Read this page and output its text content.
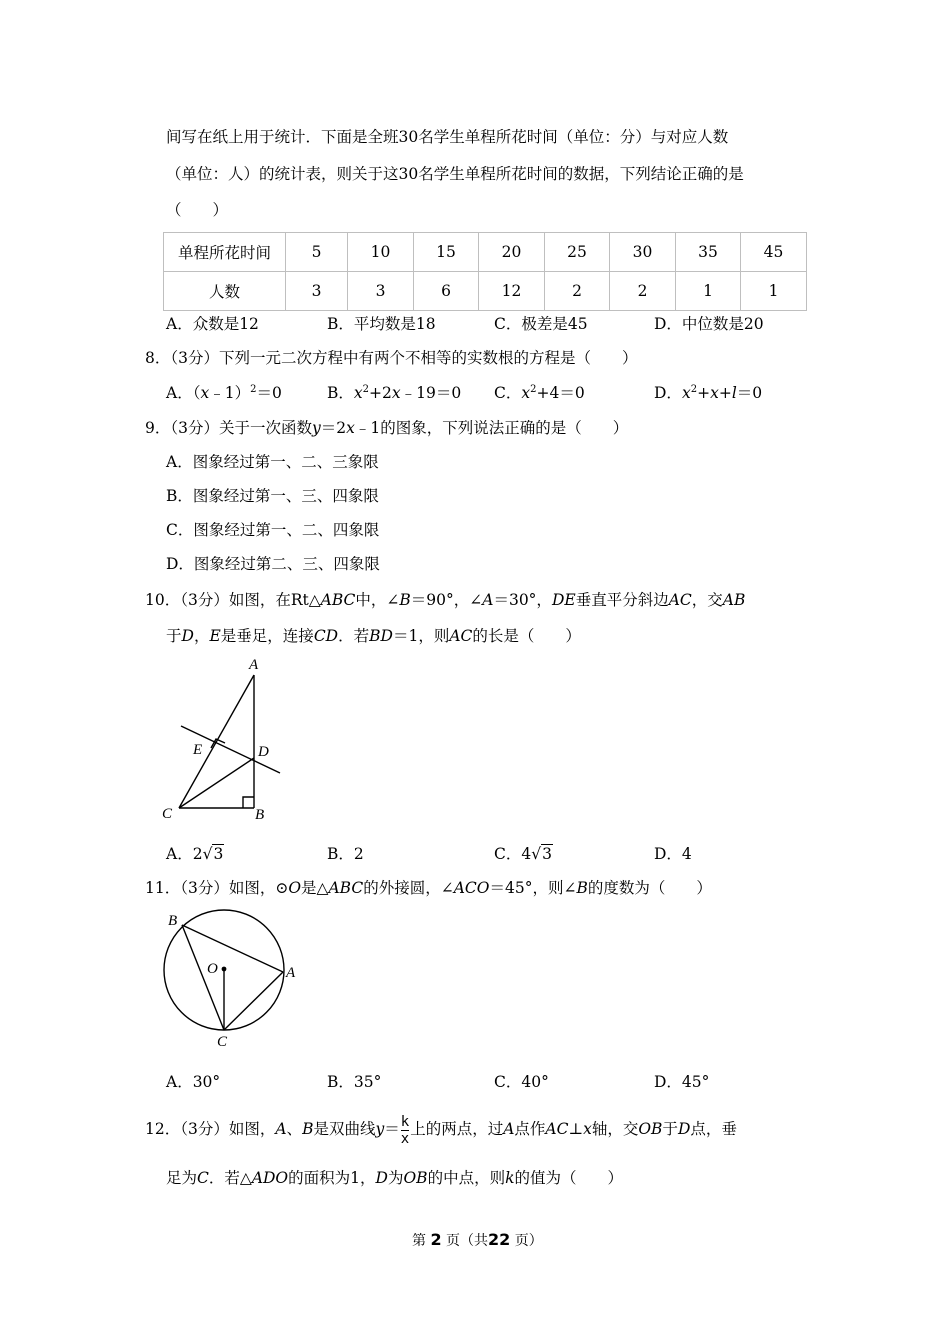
间写在纸上用于统计．下面是全班30名学生单程所花时间（单位：分）与对应人数
（单位：人）的统计表，则关于这30名学生单程所花时间的数据，下列结论正确的是
（　　）
单程所花时间	5	10	15	20	25	30	35	45
人数	3	3	6	12	2	2	1	1
A．众数是12	B．平均数是18	C．极差是45	D．中位数是20
8．（3分）下列一元二次方程中有两个不相等的实数根的方程是（　　）
A．（x﹣1）$^2$＝0	B．$x^2+2x﹣19=0$ C．$x^2+4=0$	D．$x^2+x+l=0$
9．（3分）关于一次函数y＝2x﹣1的图象，下列说法正确的是（　　）
A．图象经过第一、二、三象限
B．图象经过第一、三、四象限
C．图象经过第一、二、四象限
D．图象经过第二、三、四象限
10．（3分）如图，在Rt△ABC中，∠B＝90°，∠A＝30°，DE垂直平分斜边AC，交AB
于D，E是垂足，连接CD．若BD＝1，则AC的长是（　　）
A
E	D
C	B
A．2√3	B．2	C．4√3	D．4
11．（3分）如图，⊙O是△ABC的外接圆，∠ACO＝45°，则∠B的度数为（　　）
B
O	A
C
A．30°	B．35°	C．40°	D．45°
12．（3分）如图，A、B是双曲线$y= \frac{k}{x}$ 上的两点，过A点作AC⊥x轴，交OB于D点，垂
足为C．若△ADO的面积为1，D为OB的中点，则k的值为（　　）
第 2 页（共22 页）
